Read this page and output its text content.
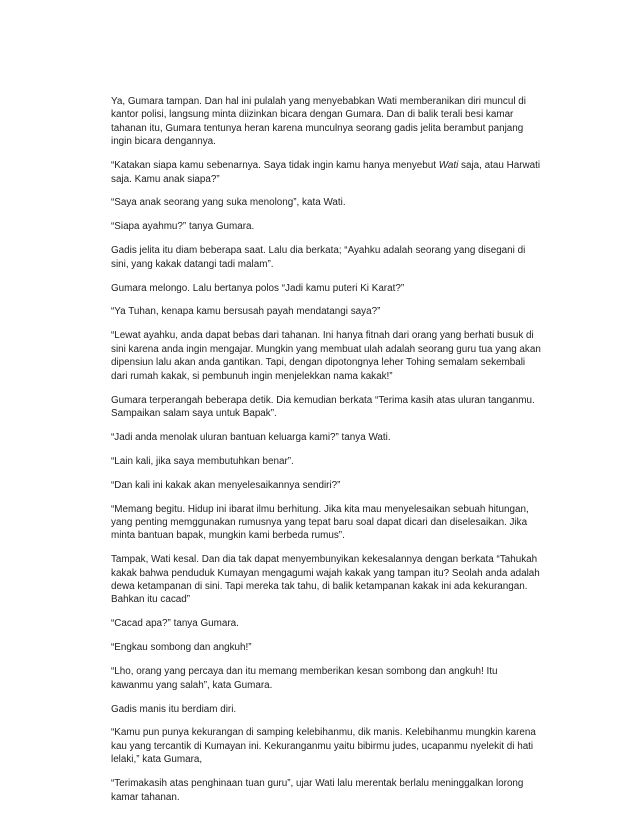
Ya, Gumara tampan. Dan hal ini pulalah yang menyebabkan Wati memberanikan diri muncul di kantor polisi, langsung minta diizinkan bicara dengan Gumara. Dan di balik terali besi kamar tahanan itu, Gumara tentunya heran karena munculnya seorang gadis jelita berambut panjang ingin bicara dengannya.

“Katakan siapa kamu sebenarnya. Saya tidak ingin kamu hanya menyebut Wati saja, atau Harwati saja. Kamu anak siapa?”

“Saya anak seorang yang suka menolong”, kata Wati.

“Siapa ayahmu?” tanya Gumara.

Gadis jelita itu diam beberapa saat. Lalu dia berkata; “Ayahku adalah seorang yang disegani di sini, yang kakak datangi tadi malam”.

Gumara melongo. Lalu bertanya polos “Jadi kamu puteri Ki Karat?”

“Ya Tuhan, kenapa kamu bersusah payah mendatangi saya?”

“Lewat ayahku, anda dapat bebas dari tahanan. Ini hanya fitnah dari orang yang berhati busuk di sini karena anda ingin mengajar. Mungkin yang membuat ulah adalah seorang guru tua yang akan dipensiun lalu akan anda gantikan. Tapi, dengan dipotongnya leher Tohing semalam sekembali dari rumah kakak, si pembunuh ingin menjelekkan nama kakak!”

Gumara terperangah beberapa detik. Dia kemudian berkata “Terima kasih atas uluran tanganmu. Sampaikan salam saya untuk Bapak”.

“Jadi anda menolak uluran bantuan keluarga kami?” tanya Wati.

“Lain kali, jika saya membutuhkan benar”.

“Dan kali ini kakak akan menyelesaikannya sendiri?”

“Memang begitu. Hidup ini ibarat ilmu berhitung. Jika kita mau menyelesaikan sebuah hitungan, yang penting memggunakan rumusnya yang tepat baru soal dapat dicari dan diselesaikan. Jika minta bantuan bapak, mungkin kami berbeda rumus”.

Tampak, Wati kesal. Dan dia tak dapat menyembunyikan kekesalannya dengan berkata “Tahukah kakak bahwa penduduk Kumayan mengagumi wajah kakak yang tampan itu? Seolah anda adalah dewa ketampanan di sini. Tapi mereka tak tahu, di balik ketampanan kakak ini ada kekurangan. Bahkan itu cacad”

“Cacad apa?” tanya Gumara.

“Engkau sombong dan angkuh!”

“Lho, orang yang percaya dan itu memang memberikan kesan sombong dan angkuh! Itu kawanmu yang salah”, kata Gumara.

Gadis manis itu berdiam diri.

“Kamu pun punya kekurangan di samping kelebihanmu, dik manis. Kelebihanmu mungkin karena kau yang tercantik di Kumayan ini. Kekuranganmu yaitu bibirmu judes, ucapanmu nyelekit di hati lelaki,” kata Gumara,

“Terimakasih atas penghinaan tuan guru”, ujar Wati lalu merentak berlalu meninggalkan lorong kamar tahanan.
